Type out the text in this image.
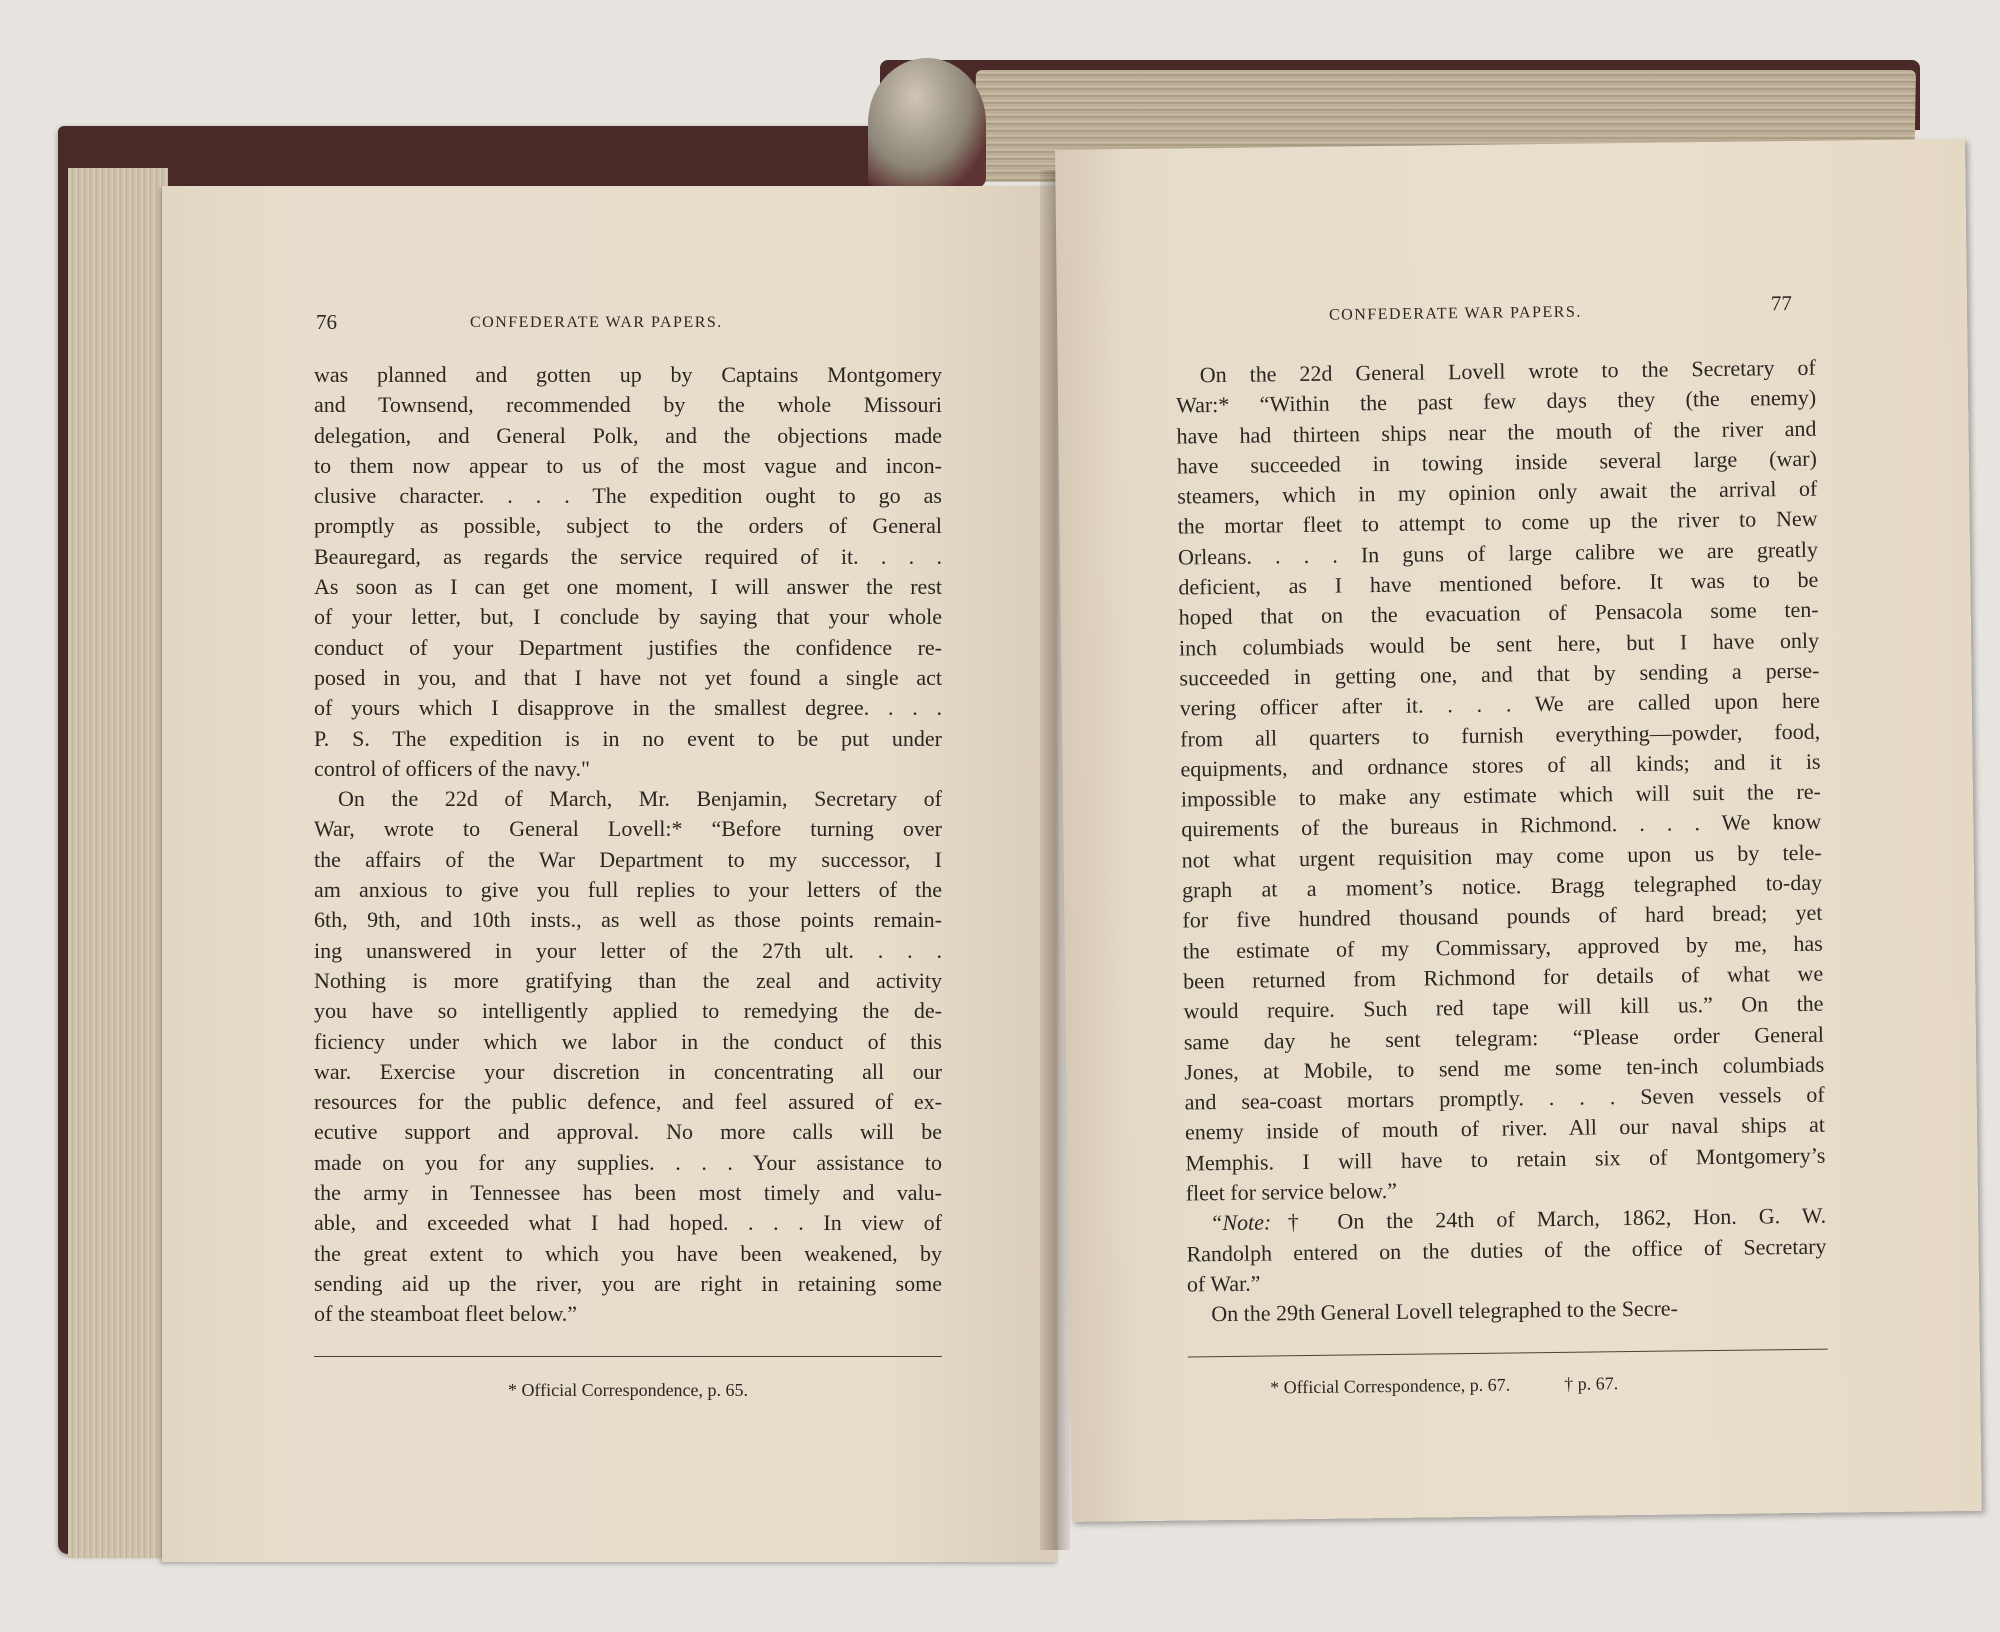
76	CONFEDERATE WAR PAPERS.

was planned and gotten up by Captains Montgomery

and Townsend, recommended by the whole Missouri

delegation, and General Polk, and the objections made

to them now appear to us of the most vague and incon-

clusive character. . . . The expedition ought to go as

promptly as possible, subject to the orders of General

Beauregard, as regards the service required of it. . . .

As soon as I can get one moment, I will answer the rest

of your letter, but, I conclude by saying that your whole

conduct of your Department justifies the confidence re-

posed in you, and that I have not yet found a single act

of yours which I disapprove in the smallest degree. . . .

P. S. The expedition is in no event to be put under

control of officers of the navy."

On the 22d of March, Mr. Benjamin, Secretary of

War, wrote to General Lovell:* “Before turning over

the affairs of the War Department to my successor, I

am anxious to give you full replies to your letters of the

6th, 9th, and 10th insts., as well as those points remain-

ing unanswered in your letter of the 27th ult. . . .

Nothing is more gratifying than the zeal and activity

you have so intelligently applied to remedying the de-

ficiency under which we labor in the conduct of this

war. Exercise your discretion in concentrating all our

resources for the public defence, and feel assured of ex-

ecutive support and approval. No more calls will be

made on you for any supplies. . . . Your assistance to

the army in Tennessee has been most timely and valu-

able, and exceeded what I had hoped. . . . In view of

the great extent to which you have been weakened, by

sending aid up the river, you are right in retaining some

of the steamboat fleet below.”

* Official Correspondence, p. 65.
CONFEDERATE WAR PAPERS.	77

On the 22d General Lovell wrote to the Secretary of

War:* “Within the past few days they (the enemy)

have had thirteen ships near the mouth of the river and

have succeeded in towing inside several large (war)

steamers, which in my opinion only await the arrival of

the mortar fleet to attempt to come up the river to New

Orleans. . . . In guns of large calibre we are greatly

deficient, as I have mentioned before. It was to be

hoped that on the evacuation of Pensacola some ten-

inch columbiads would be sent here, but I have only

succeeded in getting one, and that by sending a perse-

vering officer after it. . . . We are called upon here

from all quarters to furnish everything—powder, food,

equipments, and ordnance stores of all kinds; and it is

impossible to make any estimate which will suit the re-

quirements of the bureaus in Richmond. . . . We know

not what urgent requisition may come upon us by tele-

graph at a moment’s notice. Bragg telegraphed to-day

for five hundred thousand pounds of hard bread; yet

the estimate of my Commissary, approved by me, has

been returned from Richmond for details of what we

would require. Such red tape will kill us.” On the

same day he sent telegram: “Please order General

Jones, at Mobile, to send me some ten-inch columbiads

and sea-coast mortars promptly. . . . Seven vessels of

enemy inside of mouth of river. All our naval ships at

Memphis. I will have to retain six of Montgomery’s

fleet for service below.”

“Note:† On the 24th of March, 1862, Hon. G. W.

Randolph entered on the duties of the office of Secretary

of War.”

On the 29th General Lovell telegraphed to the Secre-

* Official Correspondence, p. 67.	† p. 67.
